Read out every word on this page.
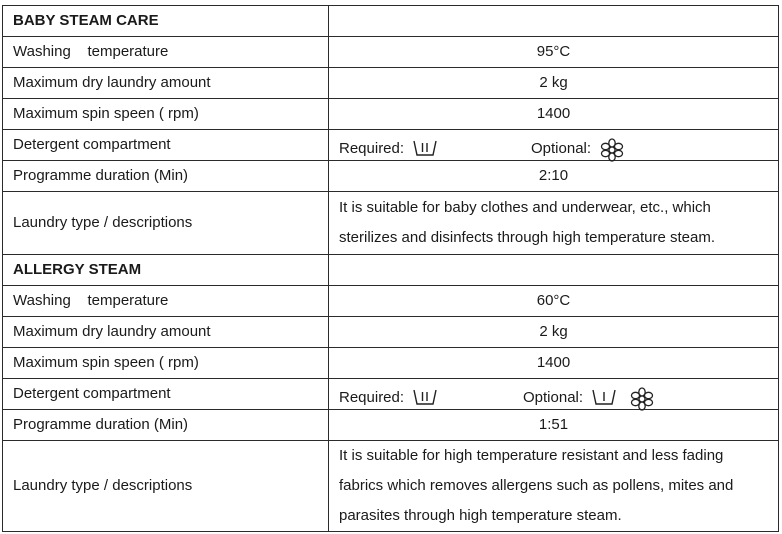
BABY STEAM CARE	
Washing    temperature	95°C
Maximum dry laundry amount	2 kg
Maximum spin speen ( rpm)	1400
Detergent compartment	Required: Optional:

Programme duration (Min)	2:10
Laundry type / descriptions	It is suitable for baby clothes and underwear, etc., which sterilizes and disinfects through high temperature steam.
ALLERGY STEAM	
Washing    temperature	60°C
Maximum dry laundry amount	2 kg
Maximum spin speen ( rpm)	1400
Detergent compartment	Required: Optional:

Programme duration (Min)	1:51
Laundry type / descriptions	It is suitable for high temperature resistant and less fading fabrics which removes allergens such as pollens, mites and parasites through high temperature steam.
